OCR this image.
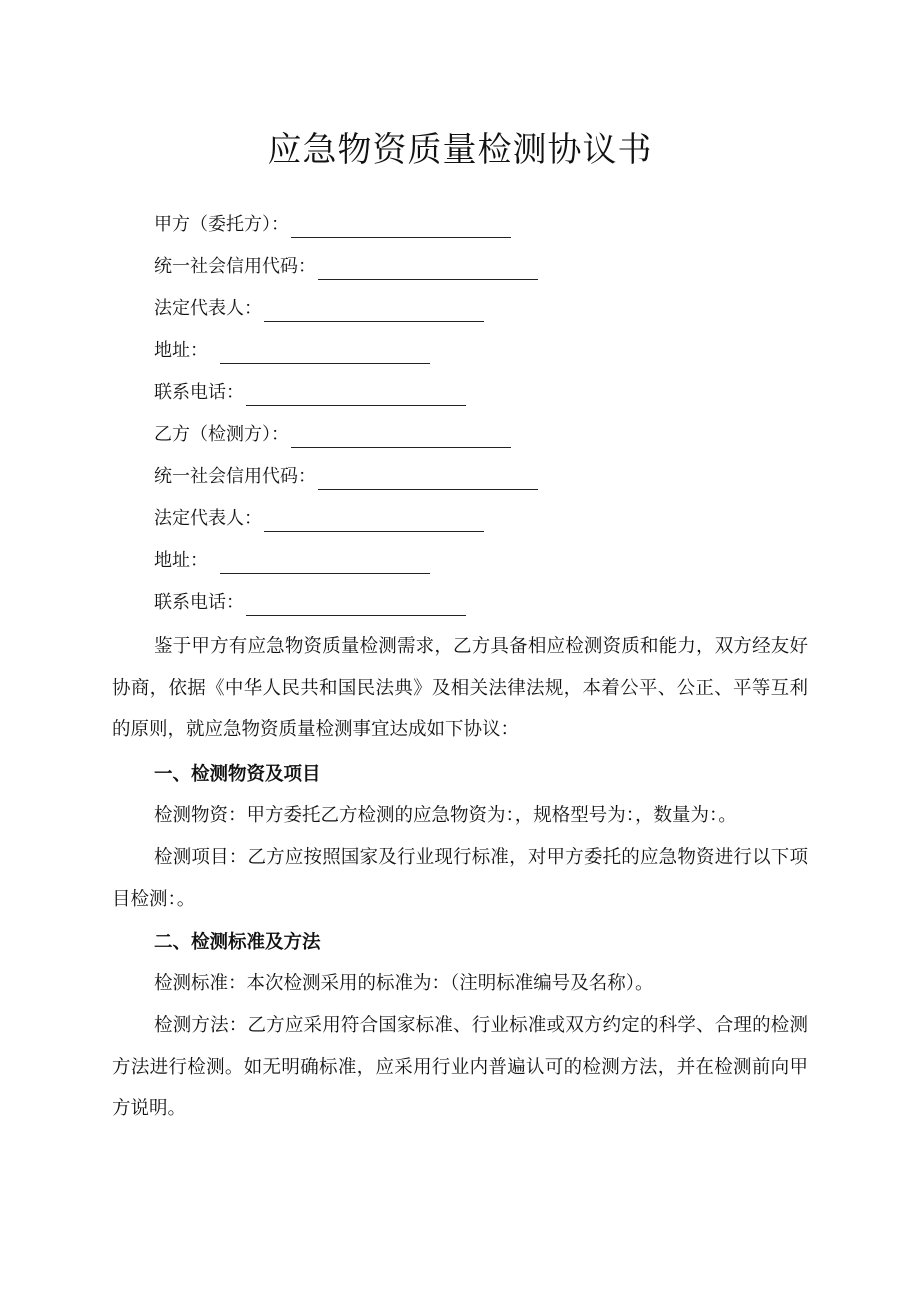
应急物资质量检测协议书
甲方（委托方）：
统一社会信用代码：
法定代表人：
地址：
联系电话：
乙方（检测方）：
统一社会信用代码：
法定代表人：
地址：
联系电话：

鉴于甲方有应急物资质量检测需求，乙方具备相应检测资质和能力，双方经友好协商，依据《中华人民共和国民法典》及相关法律法规，本着公平、公正、平等互利的原则，就应急物资质量检测事宜达成如下协议：

一、检测物资及项目

检测物资：甲方委托乙方检测的应急物资为：，规格型号为：，数量为：。

检测项目：乙方应按照国家及行业现行标准，对甲方委托的应急物资进行以下项目检测：。

二、检测标准及方法

检测标准：本次检测采用的标准为：（注明标准编号及名称）。

检测方法：乙方应采用符合国家标准、行业标准或双方约定的科学、合理的检测方法进行检测。如无明确标准，应采用行业内普遍认可的检测方法，并在检测前向甲方说明。
